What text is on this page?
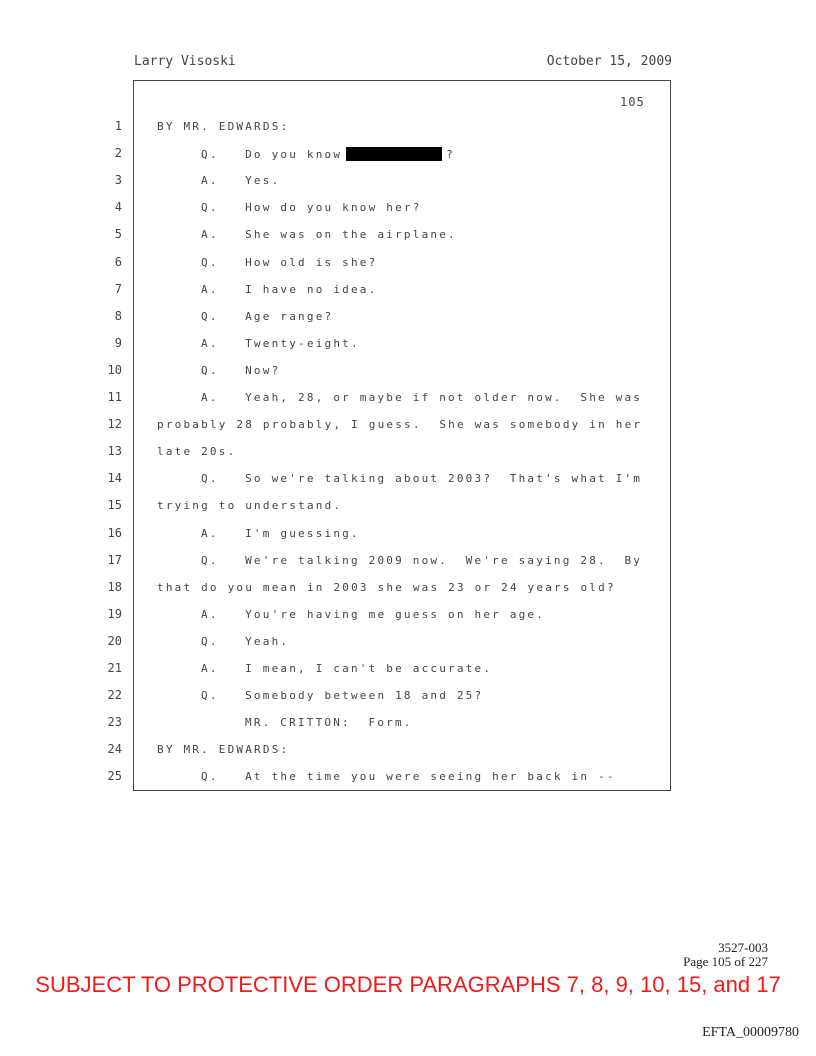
Larry Visoski	October 15, 2009
105
1	BY MR. EDWARDS:
2	Q.   Do you know	?
3	A.   Yes.
4	Q.   How do you know her?
5	A.   She was on the airplane.
6	Q.   How old is she?
7	A.   I have no idea.
8	Q.   Age range?
9	A.   Twenty-eight.
10	Q.   Now?
11	A.   Yeah, 28, or maybe if not older now.  She was
12	probably 28 probably, I guess.  She was somebody in her
13	late 20s.
14	Q.   So we're talking about 2003?  That's what I'm
15	trying to understand.
16	A.   I'm guessing.
17	Q.   We're talking 2009 now.  We're saying 28.  By
18	that do you mean in 2003 she was 23 or 24 years old?
19	A.   You're having me guess on her age.
20	Q.   Yeah.
21	A.   I mean, I can't be accurate.
22	Q.   Somebody between 18 and 25?
23	MR. CRITTON:  Form.
24	BY MR. EDWARDS:
25	Q.   At the time you were seeing her back in --
3527-003
Page 105 of 227
SUBJECT TO PROTECTIVE ORDER PARAGRAPHS 7, 8, 9, 10, 15, and 17
EFTA_00009780
